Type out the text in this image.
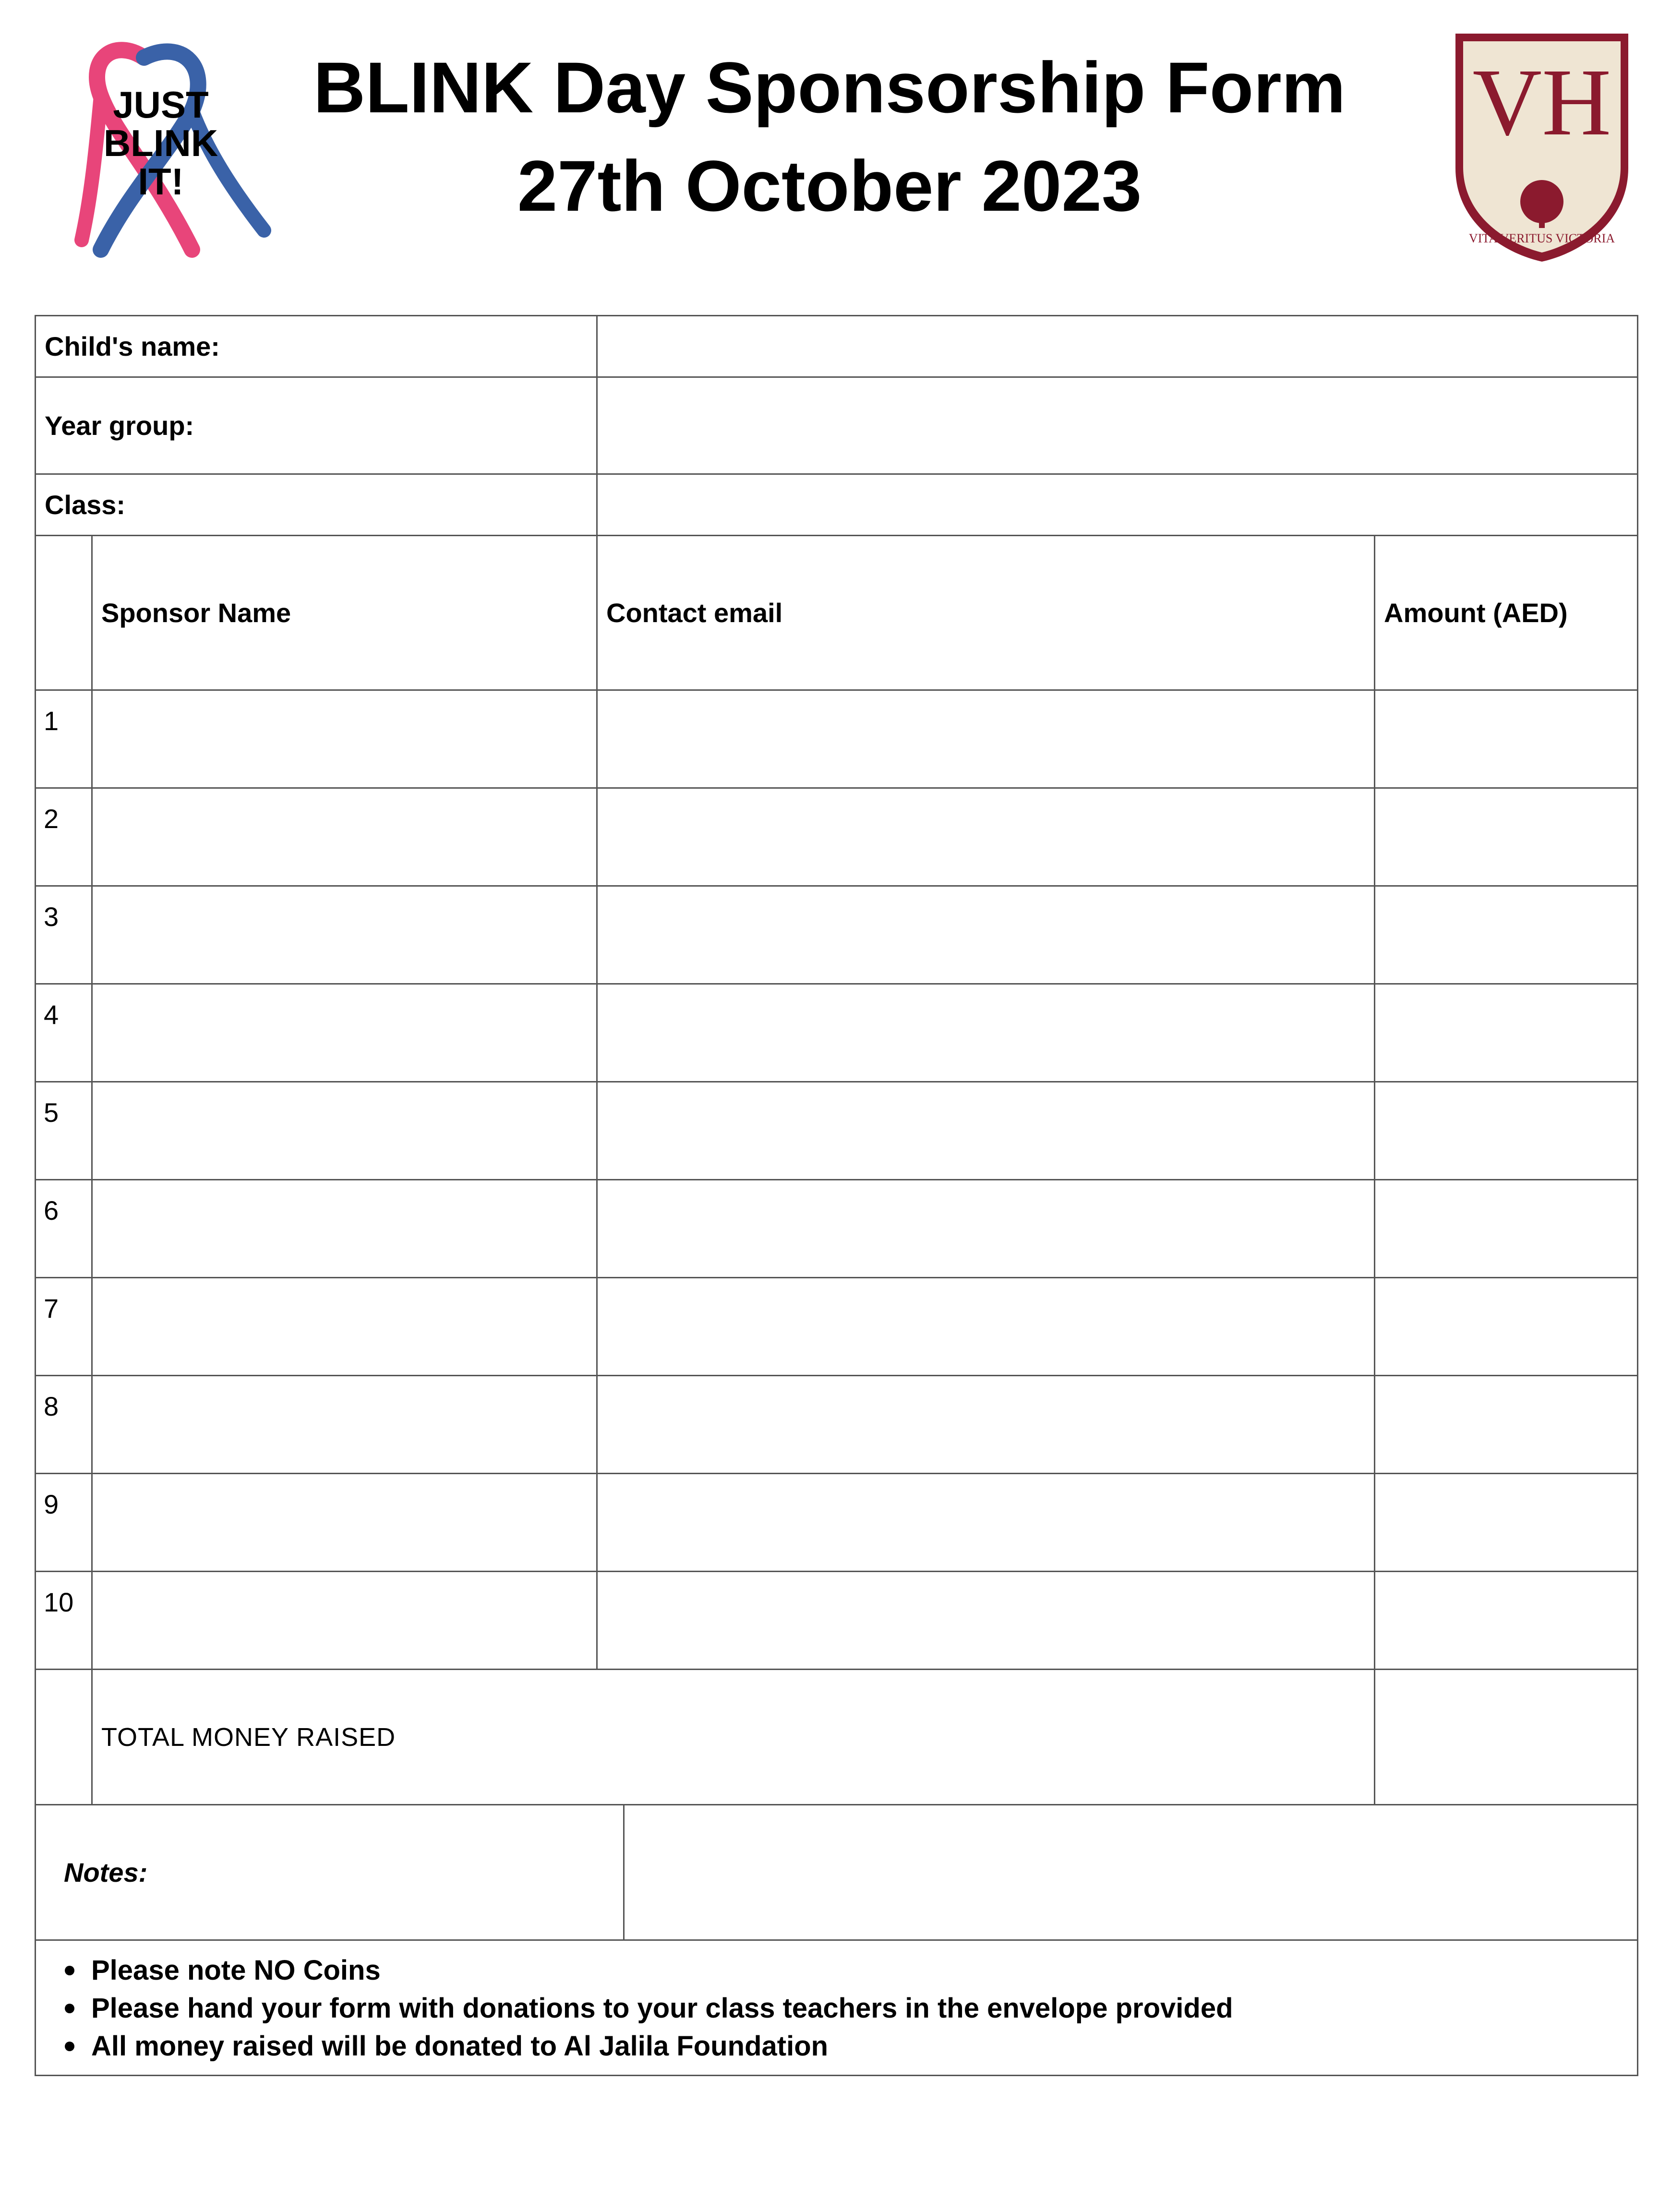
JUST
BLINK
IT!
BLINK Day Sponsorship Form
27th October 2023
VH
VITA VERITUS VICTORIA
Child's name:
Year group:
Class:
Sponsor Name	Contact email	Amount (AED)
1
2
3
4
5
6
7
8
9
10
TOTAL MONEY RAISED
Notes:
Please note NO Coins
Please hand your form with donations to your class teachers in the envelope provided
All money raised will be donated to Al Jalila Foundation
